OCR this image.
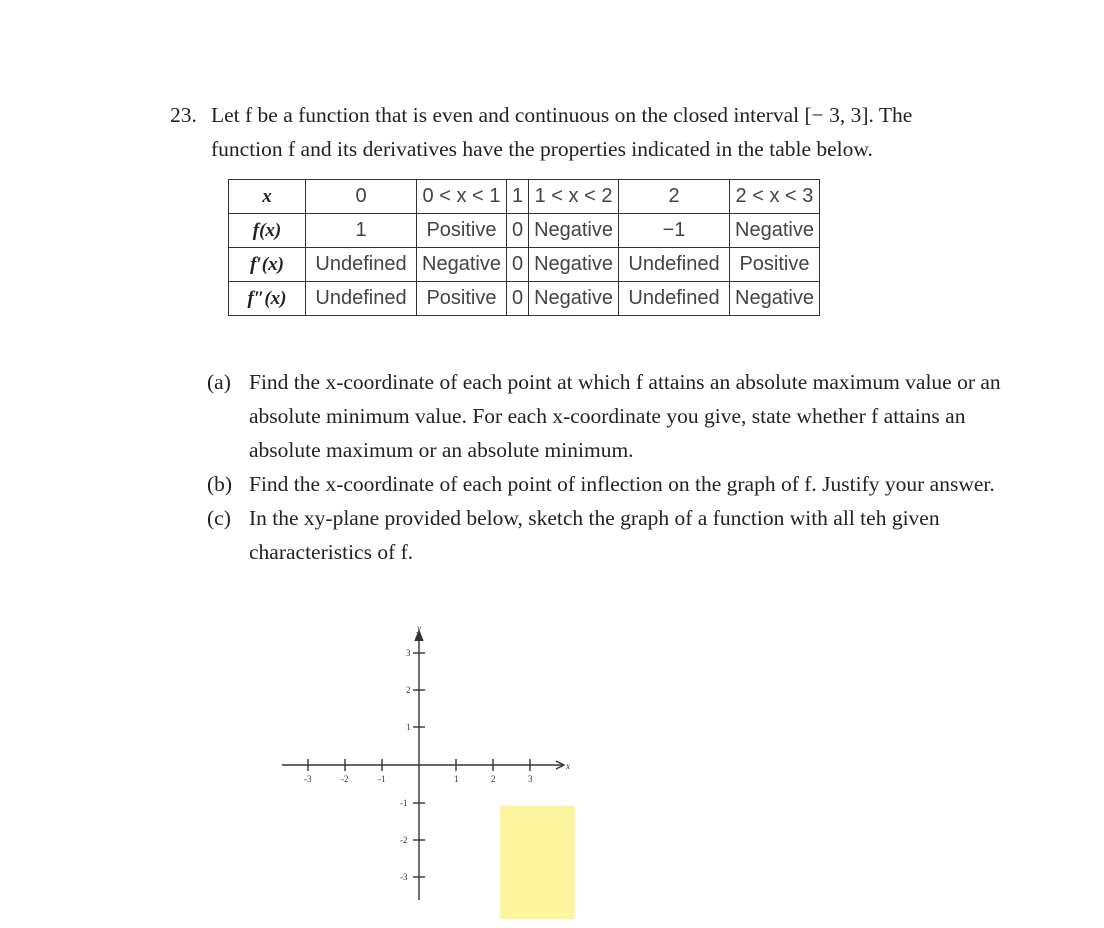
23. Let f be a function that is even and continuous on the closed interval [− 3, 3]. The
function f and its derivatives have the properties indicated in the table below.
x	0	0 < x < 1	1	1 < x < 2	2	2 < x < 3
f(x)	1	Positive	0	Negative	−1	Negative
f′(x)	Undefined	Negative	0	Negative	Undefined	Positive
f″(x)	Undefined	Positive	0	Negative	Undefined	Negative
(a) Find the x-coordinate of each point at which f attains an absolute maximum value or an absolute minimum value. For each x-coordinate you give, state whether f attains an absolute maximum or an absolute minimum.
(b) Find the x-coordinate of each point of inflection on the graph of f. Justify your answer.
(c) In the xy-plane provided below, sketch the graph of a function with all teh given characteristics of f.
x
y
-3	-2	-1	1	2	3
3
2
1
-1
-2
-3
